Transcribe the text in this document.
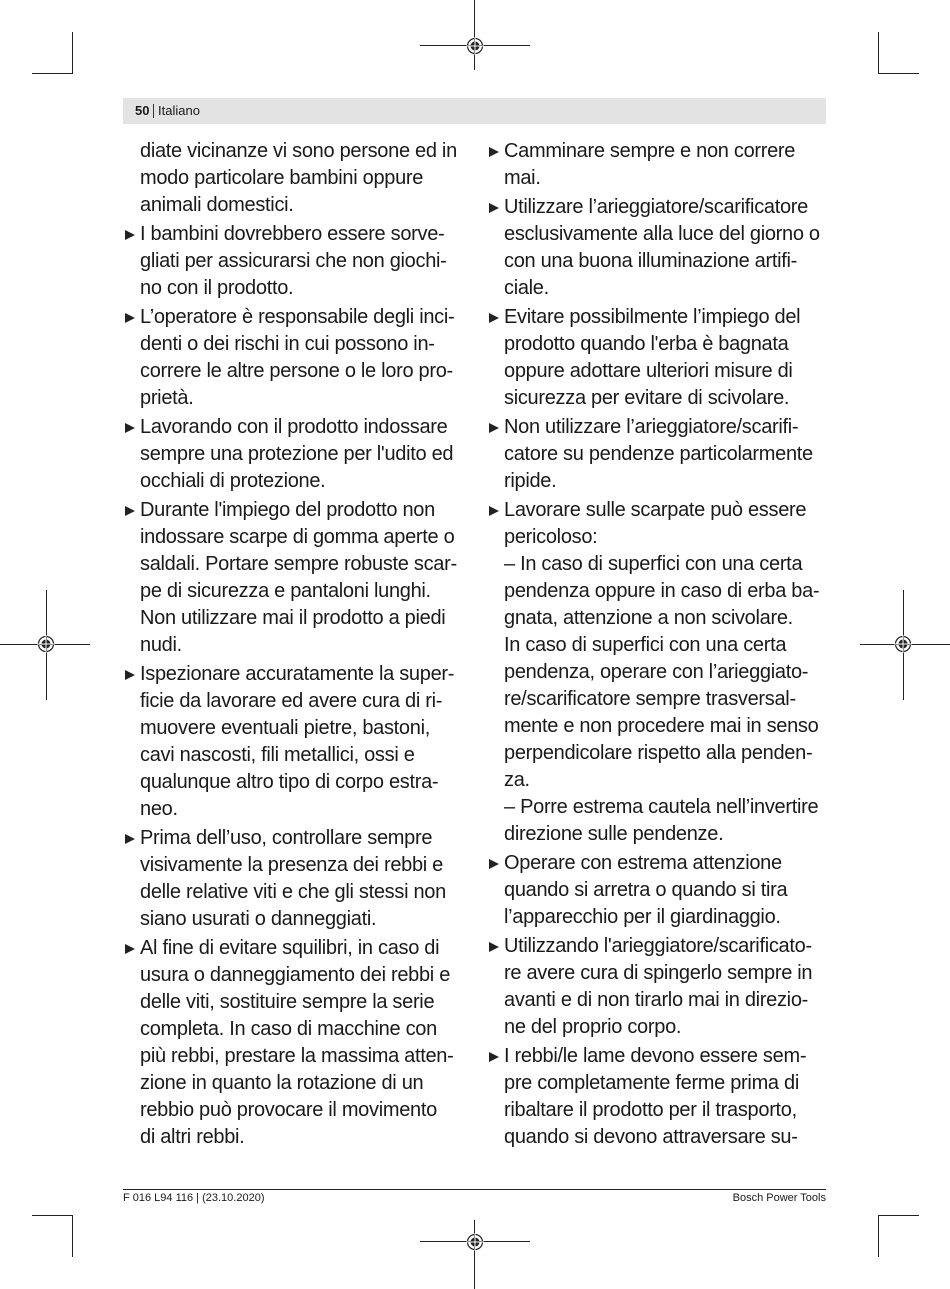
50 Italiano
diate vicinanze vi sono persone ed in
modo particolare bambini oppure
animali domestici.
I bambini dovrebbero essere sorve-
gliati per assicurarsi che non giochi-
no con il prodotto.
L’operatore è responsabile degli inci-
denti o dei rischi in cui possono in-
correre le altre persone o le loro pro-
prietà.
Lavorando con il prodotto indossare
sempre una protezione per l'udito ed
occhiali di protezione.
Durante l'impiego del prodotto non
indossare scarpe di gomma aperte o
saldali. Portare sempre robuste scar-
pe di sicurezza e pantaloni lunghi.
Non utilizzare mai il prodotto a piedi
nudi.
Ispezionare accuratamente la super-
ficie da lavorare ed avere cura di ri-
muovere eventuali pietre, bastoni,
cavi nascosti, fili metallici, ossi e
qualunque altro tipo di corpo estra-
neo.
Prima dell’uso, controllare sempre
visivamente la presenza dei rebbi e
delle relative viti e che gli stessi non
siano usurati o danneggiati.
Al fine di evitare squilibri, in caso di
usura o danneggiamento dei rebbi e
delle viti, sostituire sempre la serie
completa. In caso di macchine con
più rebbi, prestare la massima atten-
zione in quanto la rotazione di un
rebbio può provocare il movimento
di altri rebbi.
Camminare sempre e non correre
mai.
Utilizzare l’arieggiatore/scarificatore
esclusivamente alla luce del giorno o
con una buona illuminazione artifi-
ciale.
Evitare possibilmente l’impiego del
prodotto quando l'erba è bagnata
oppure adottare ulteriori misure di
sicurezza per evitare di scivolare.
Non utilizzare l’arieggiatore/scarifi-
catore su pendenze particolarmente
ripide.
Lavorare sulle scarpate può essere
pericoloso:
– In caso di superfici con una certa
pendenza oppure in caso di erba ba-
gnata, attenzione a non scivolare.
In caso di superfici con una certa
pendenza, operare con l’arieggiato-
re/scarificatore sempre trasversal-
mente e non procedere mai in senso
perpendicolare rispetto alla penden-
za.
– Porre estrema cautela nell’invertire
direzione sulle pendenze.
Operare con estrema attenzione
quando si arretra o quando si tira
l’apparecchio per il giardinaggio.
Utilizzando l'arieggiatore/scarificato-
re avere cura di spingerlo sempre in
avanti e di non tirarlo mai in direzio-
ne del proprio corpo.
I rebbi/le lame devono essere sem-
pre completamente ferme prima di
ribaltare il prodotto per il trasporto,
quando si devono attraversare su-
F 016 L94 116 | (23.10.2020)	Bosch Power Tools
